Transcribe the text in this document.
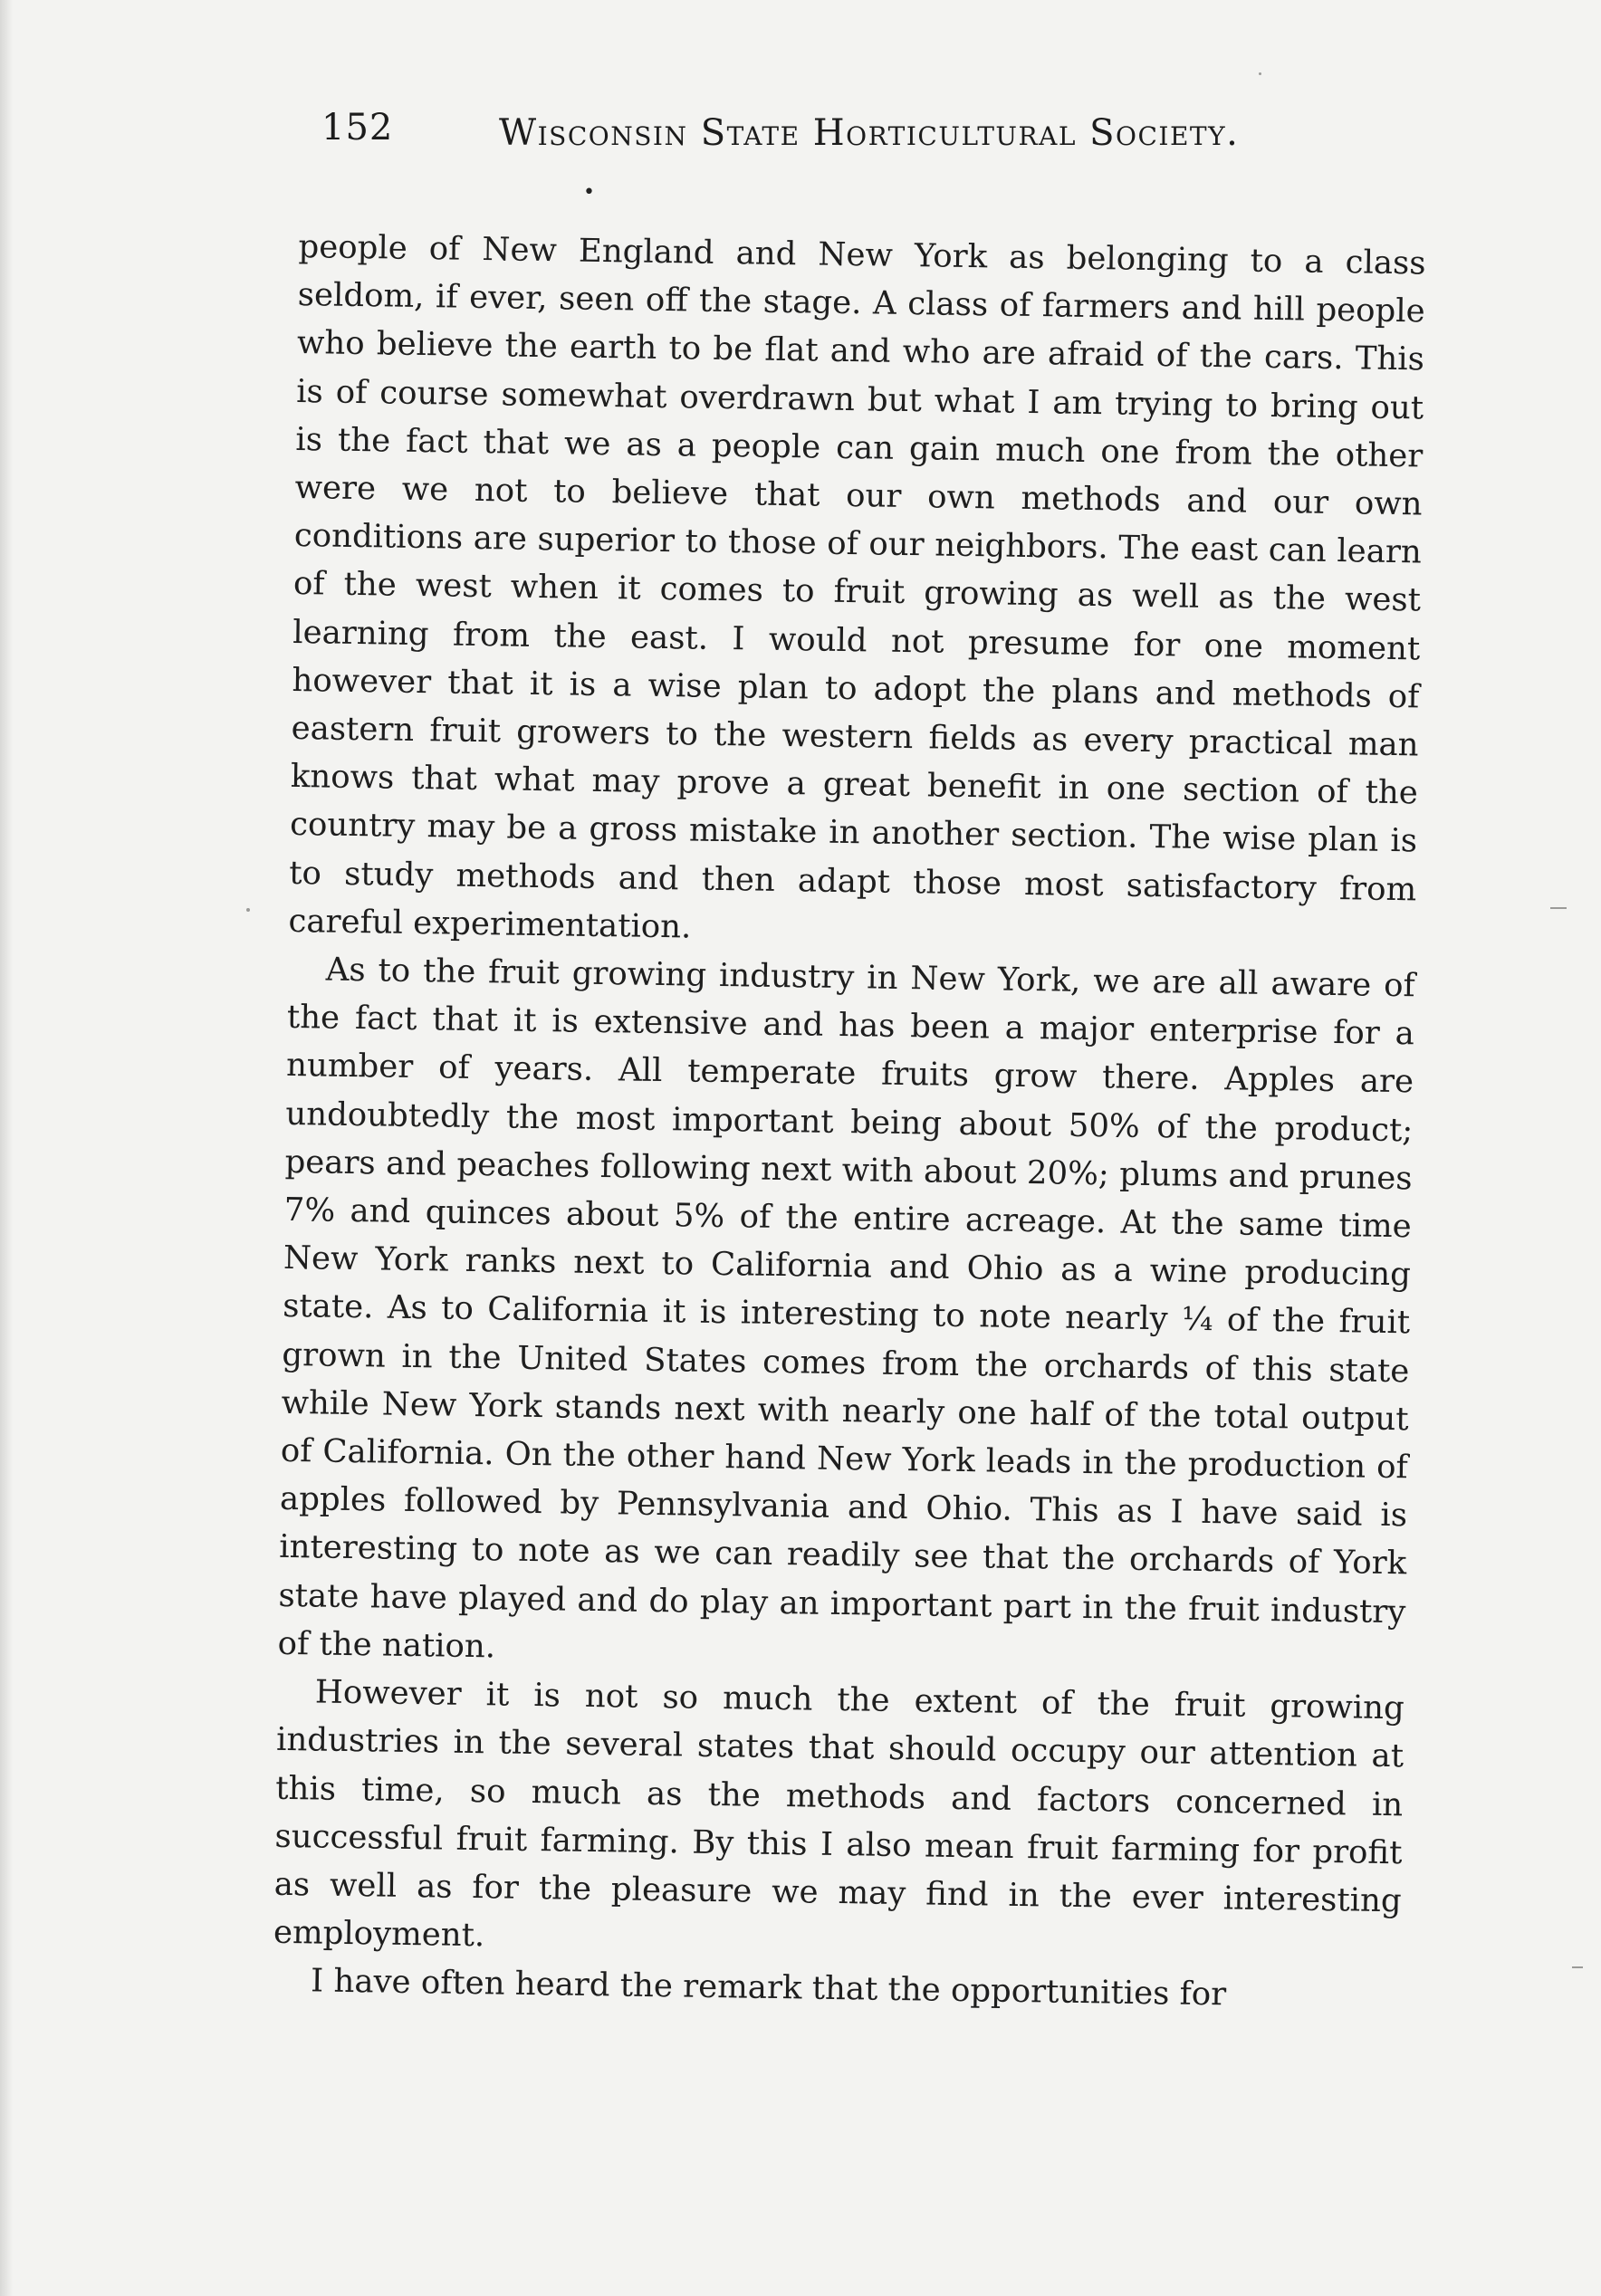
152	Wisconsin State Horticultural Society.
•

people of New England and New York as belonging to a class seldom, if ever, seen off the stage. A class of farmers and hill people who believe the earth to be flat and who are afraid of the cars. This is of course somewhat overdrawn but what I am trying to bring out is the fact that we as a people can gain much one from the other were we not to believe that our own methods and our own conditions are superior to those of our neighbors. The east can learn of the west when it comes to fruit growing as well as the west learning from the east. I would not presume for one moment however that it is a wise plan to adopt the plans and methods of eastern fruit growers to the western fields as every practical man knows that what may prove a great benefit in one section of the country may be a gross mistake in another section. The wise plan is to study methods and then adapt those most satisfactory from careful experimentation.

As to the fruit growing industry in New York, we are all aware of the fact that it is extensive and has been a major enterprise for a number of years. All temperate fruits grow there. Apples are undoubtedly the most important being about 50% of the product; pears and peaches following next with about 20%; plums and prunes 7% and quinces about 5% of the entire acreage. At the same time New York ranks next to California and Ohio as a wine producing state. As to California it is interesting to note nearly ¼ of the fruit grown in the United States comes from the orchards of this state while New York stands next with nearly one half of the total output of California. On the other hand New York leads in the production of apples followed by Pennsylvania and Ohio. This as I have said is interesting to note as we can readily see that the orchards of York state have played and do play an important part in the fruit industry of the nation.

However it is not so much the extent of the fruit growing industries in the several states that should occupy our attention at this time, so much as the methods and factors concerned in successful fruit farming. By this I also mean fruit farming for profit as well as for the pleasure we may find in the ever interesting employment.

I have often heard the remark that the opportunities for
